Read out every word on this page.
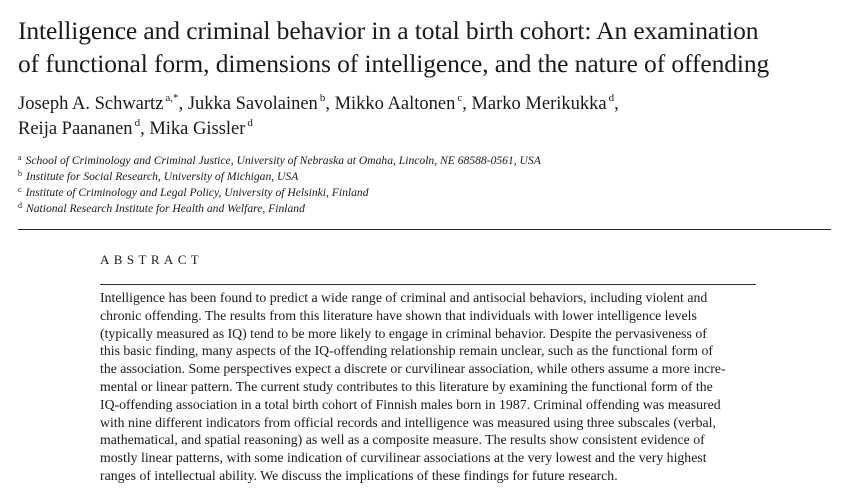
Intelligence and criminal behavior in a total birth cohort: An examination
of functional form, dimensions of intelligence, and the nature of offending
Joseph A. Schwartz $^{a,*}$, Jukka Savolainen $^b$, Mikko Aaltonen $^c$, Marko Merikukka $^d$,
Reija Paananen $^d$, Mika Gissler $^d$
$^a$ School of Criminology and Criminal Justice, University of Nebraska at Omaha, Lincoln, NE 68588-0561, USA
$^b$ Institute for Social Research, University of Michigan, USA
$^c$ Institute of Criminology and Legal Policy, University of Helsinki, Finland
$^d$ National Research Institute for Health and Welfare, Finland
ABSTRACT
Intelligence has been found to predict a wide range of criminal and antisocial behaviors, including violent and
chronic offending. The results from this literature have shown that individuals with lower intelligence levels
(typically measured as IQ) tend to be more likely to engage in criminal behavior. Despite the pervasiveness of
this basic finding, many aspects of the IQ-offending relationship remain unclear, such as the functional form of
the association. Some perspectives expect a discrete or curvilinear association, while others assume a more incre-
mental or linear pattern. The current study contributes to this literature by examining the functional form of the
IQ-offending association in a total birth cohort of Finnish males born in 1987. Criminal offending was measured
with nine different indicators from official records and intelligence was measured using three subscales (verbal,
mathematical, and spatial reasoning) as well as a composite measure. The results show consistent evidence of
mostly linear patterns, with some indication of curvilinear associations at the very lowest and the very highest
ranges of intellectual ability. We discuss the implications of these findings for future research.
